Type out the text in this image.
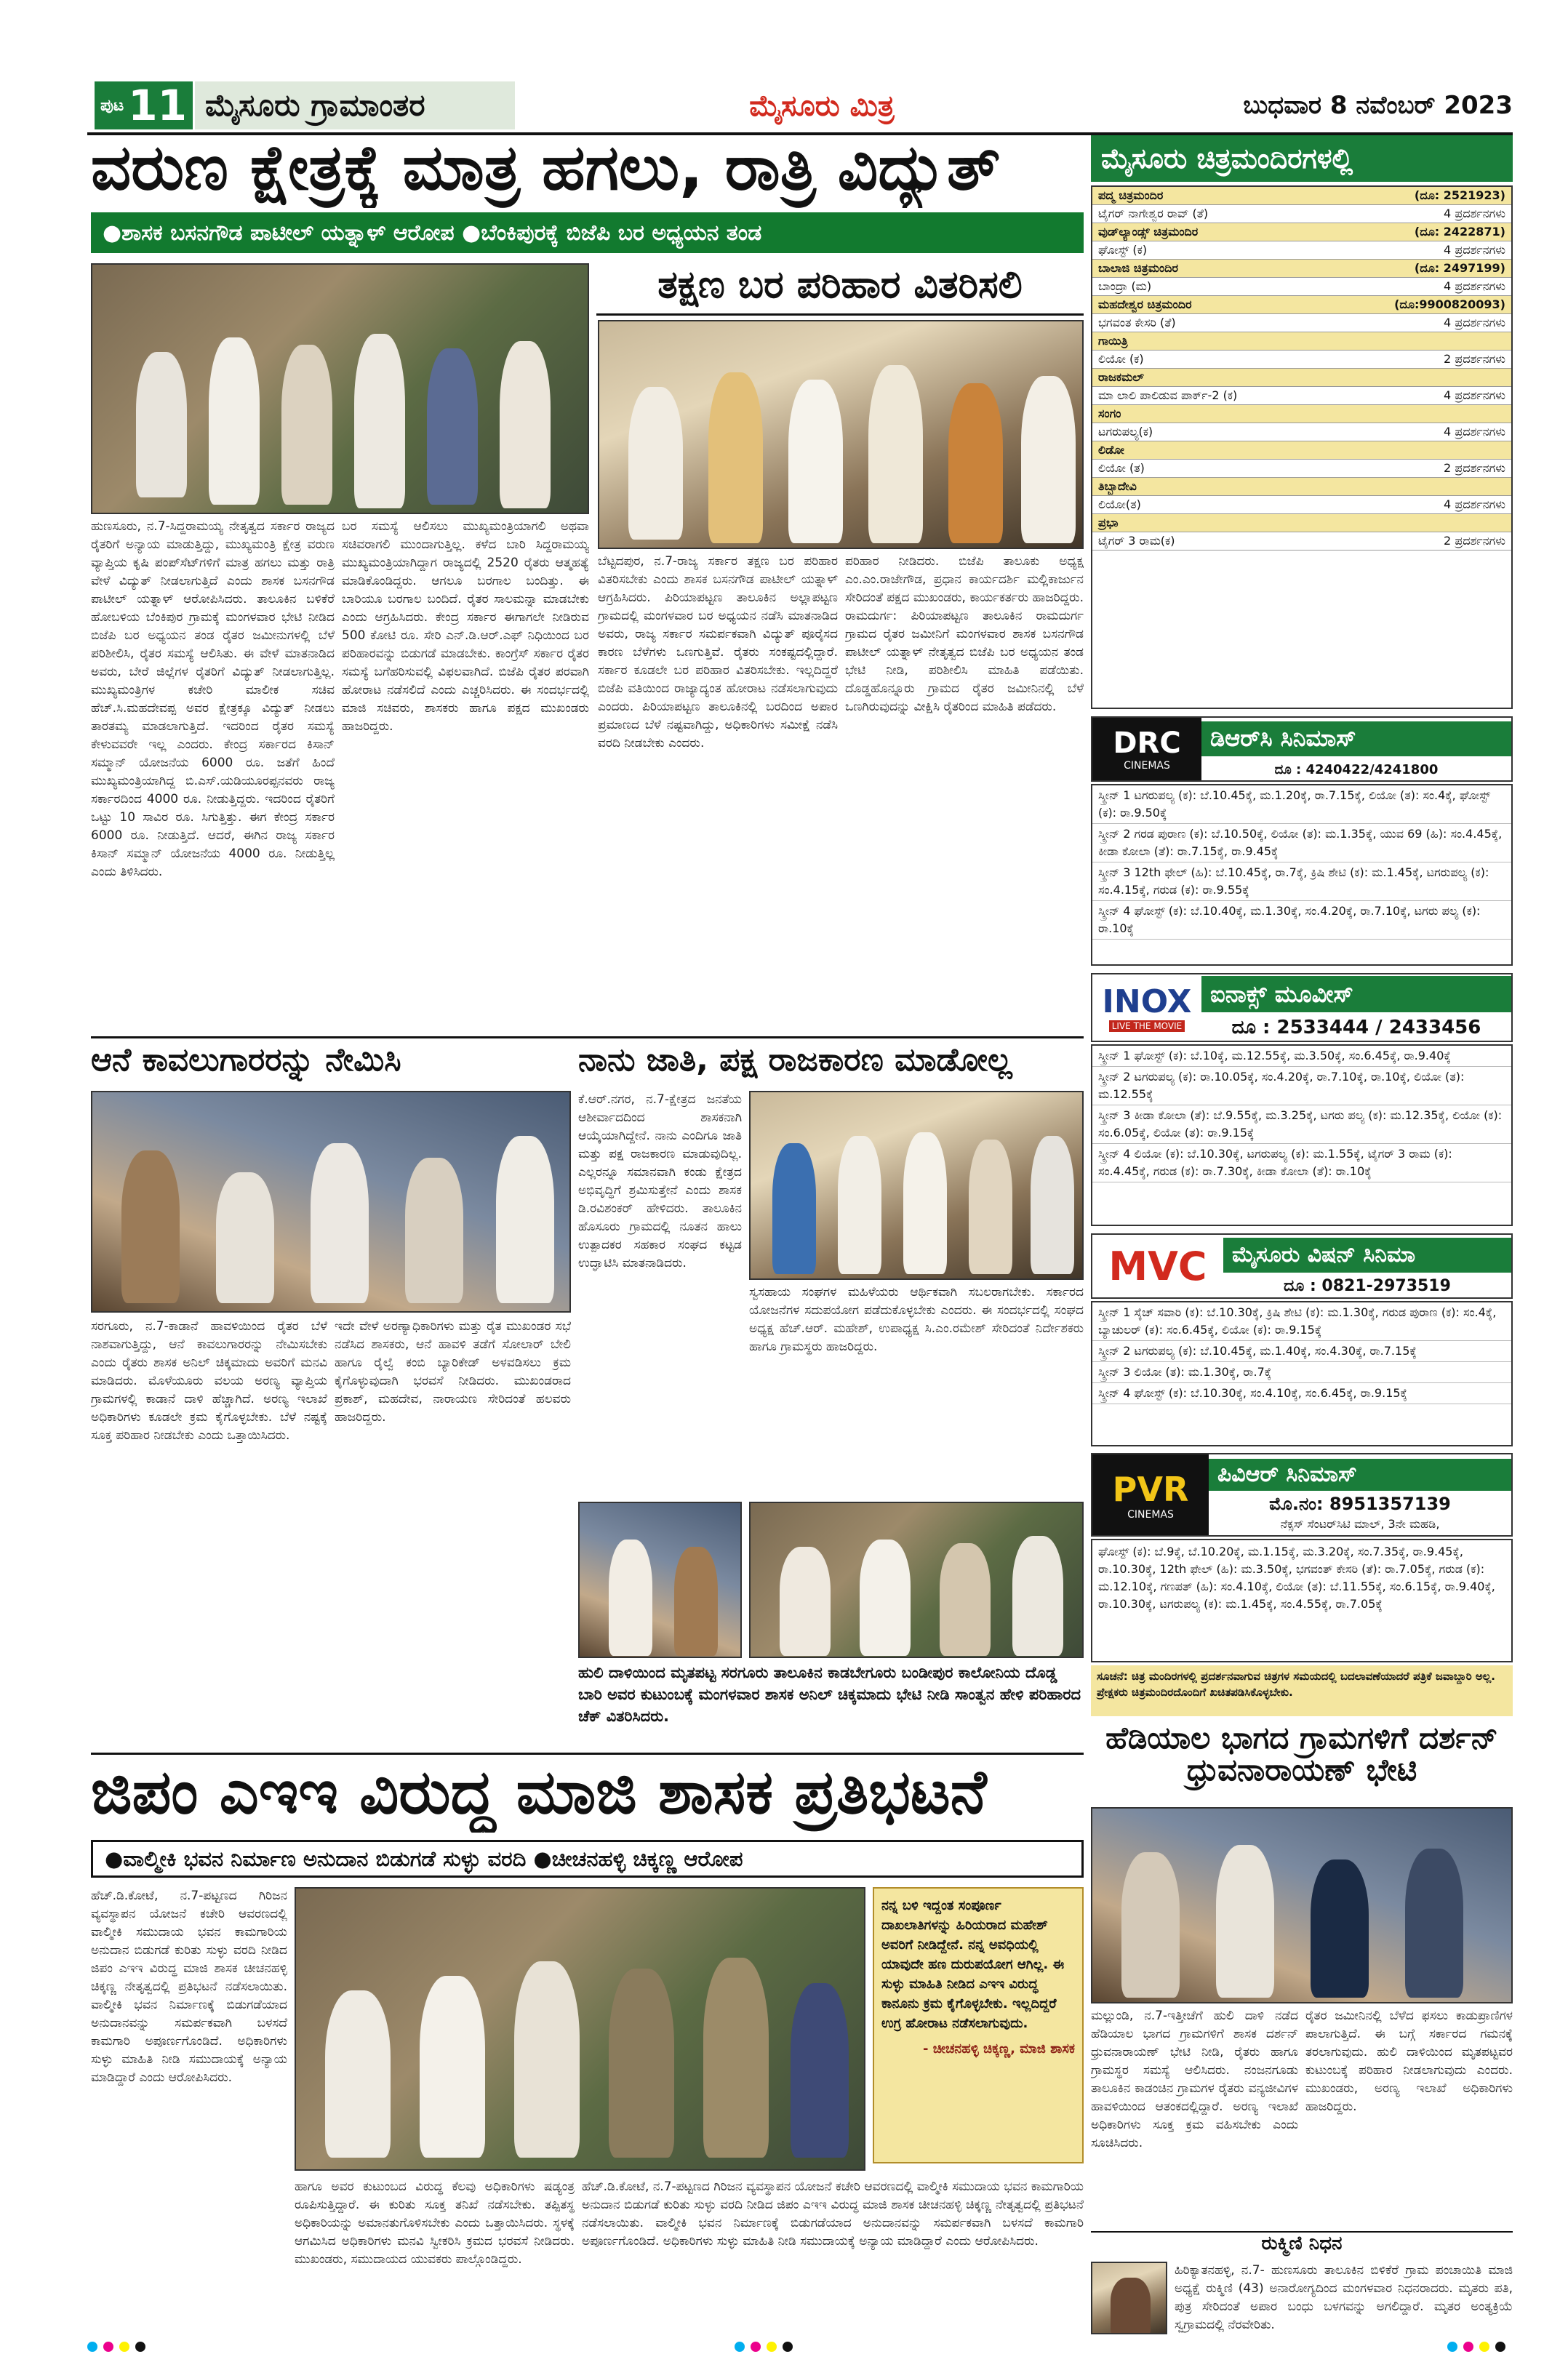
ಪುಟ 11 ಮೈಸೂರು ಗ್ರಾಮಾಂತರ	ಮೈಸೂರು ಮಿತ್ರ	ಬುಧವಾರ 8 ನವೆಂಬರ್ 2023
ವರುಣ ಕ್ಷೇತ್ರಕ್ಕೆ ಮಾತ್ರ ಹಗಲು, ರಾತ್ರಿ ವಿದ್ಯುತ್
●ಶಾಸಕ ಬಸನಗೌಡ ಪಾಟೀಲ್ ಯತ್ನಾಳ್ ಆರೋಪ ●ಬೆಂಕಿಪುರಕ್ಕೆ ಬಿಜೆಪಿ ಬರ ಅಧ್ಯಯನ ತಂಡ
ಹುಣಸೂರು, ನ.7-ಸಿದ್ದರಾಮಯ್ಯ ನೇತೃತ್ವದ ಸರ್ಕಾರ ರಾಜ್ಯದ ರೈತರಿಗೆ ಅನ್ಯಾಯ ಮಾಡುತ್ತಿದ್ದು, ಮುಖ್ಯಮಂತ್ರಿ ಕ್ಷೇತ್ರ ವರುಣ ವ್ಯಾಪ್ತಿಯ ಕೃಷಿ ಪಂಪ್‌ಸೆಟ್‌ಗಳಿಗೆ ಮಾತ್ರ ಹಗಲು ಮತ್ತು ರಾತ್ರಿ ವೇಳೆ ವಿದ್ಯುತ್ ನೀಡಲಾಗುತ್ತಿದೆ ಎಂದು ಶಾಸಕ ಬಸನಗೌಡ ಪಾಟೀಲ್ ಯತ್ನಾಳ್ ಆರೋಪಿಸಿದರು. ತಾಲೂಕಿನ ಬಳಿಕೆರೆ ಹೋಬಳಿಯ ಬೆಂಕಿಪುರ ಗ್ರಾಮಕ್ಕೆ ಮಂಗಳವಾರ ಭೇಟಿ ನೀಡಿದ ಬಿಜೆಪಿ ಬರ ಅಧ್ಯಯನ ತಂಡ ರೈತರ ಜಮೀನುಗಳಲ್ಲಿ ಬೆಳೆ ಪರಿಶೀಲಿಸಿ, ರೈತರ ಸಮಸ್ಯೆ ಆಲಿಸಿತು. ಈ ವೇಳೆ ಮಾತನಾಡಿದ ಅವರು, ಬೇರೆ ಜಿಲ್ಲೆಗಳ ರೈತರಿಗೆ ವಿದ್ಯುತ್ ನೀಡಲಾಗುತ್ತಿಲ್ಲ. ಮುಖ್ಯಮಂತ್ರಿಗಳ ಕಚೇರಿ ಮಾಲೀಕ ಸಚಿವ ಹೆಚ್.ಸಿ.ಮಹದೇವಪ್ಪ ಅವರ ಕ್ಷೇತ್ರಕ್ಕೂ ವಿದ್ಯುತ್ ನೀಡಲು ತಾರತಮ್ಯ ಮಾಡಲಾಗುತ್ತಿದೆ. ಇದರಿಂದ ರೈತರ ಸಮಸ್ಯೆ ಕೇಳುವವರೇ ಇಲ್ಲ ಎಂದರು. ಕೇಂದ್ರ ಸರ್ಕಾರದ ಕಿಸಾನ್ ಸಮ್ಮಾನ್ ಯೋಜನೆಯ 6000 ರೂ. ಜತೆಗೆ ಹಿಂದೆ ಮುಖ್ಯಮಂತ್ರಿಯಾಗಿದ್ದ ಬಿ.ಎಸ್.ಯಡಿಯೂರಪ್ಪನವರು ರಾಜ್ಯ ಸರ್ಕಾರದಿಂದ 4000 ರೂ. ನೀಡುತ್ತಿದ್ದರು. ಇದರಿಂದ ರೈತರಿಗೆ ಒಟ್ಟು 10 ಸಾವಿರ ರೂ. ಸಿಗುತ್ತಿತ್ತು. ಈಗ ಕೇಂದ್ರ ಸರ್ಕಾರ 6000 ರೂ. ನೀಡುತ್ತಿದೆ. ಆದರೆ, ಈಗಿನ ರಾಜ್ಯ ಸರ್ಕಾರ ಕಿಸಾನ್ ಸಮ್ಮಾನ್ ಯೋಜನೆಯ 4000 ರೂ. ನೀಡುತ್ತಿಲ್ಲ ಎಂದು ತಿಳಿಸಿದರು.
ಬರ ಸಮಸ್ಯೆ ಆಲಿಸಲು ಮುಖ್ಯಮಂತ್ರಿಯಾಗಲಿ ಅಥವಾ ಸಚಿವರಾಗಲಿ ಮುಂದಾಗುತ್ತಿಲ್ಲ. ಕಳೆದ ಬಾರಿ ಸಿದ್ದರಾಮಯ್ಯ ಮುಖ್ಯಮಂತ್ರಿಯಾಗಿದ್ದಾಗ ರಾಜ್ಯದಲ್ಲಿ 2520 ರೈತರು ಆತ್ಮಹತ್ಯೆ ಮಾಡಿಕೊಂಡಿದ್ದರು. ಆಗಲೂ ಬರಗಾಲ ಬಂದಿತ್ತು. ಈ ಬಾರಿಯೂ ಬರಗಾಲ ಬಂದಿದೆ. ರೈತರ ಸಾಲಮನ್ನಾ ಮಾಡಬೇಕು ಎಂದು ಆಗ್ರಹಿಸಿದರು. ಕೇಂದ್ರ ಸರ್ಕಾರ ಈಗಾಗಲೇ ನೀಡಿರುವ 500 ಕೋಟಿ ರೂ. ಸೇರಿ ಎನ್.ಡಿ.ಆರ್.ಎಫ್ ನಿಧಿಯಿಂದ ಬರ ಪರಿಹಾರವನ್ನು ಬಿಡುಗಡೆ ಮಾಡಬೇಕು. ಕಾಂಗ್ರೆಸ್ ಸರ್ಕಾರ ರೈತರ ಸಮಸ್ಯೆ ಬಗೆಹರಿಸುವಲ್ಲಿ ವಿಫಲವಾಗಿದೆ. ಬಿಜೆಪಿ ರೈತರ ಪರವಾಗಿ ಹೋರಾಟ ನಡೆಸಲಿದೆ ಎಂದು ಎಚ್ಚರಿಸಿದರು. ಈ ಸಂದರ್ಭದಲ್ಲಿ ಮಾಜಿ ಸಚಿವರು, ಶಾಸಕರು ಹಾಗೂ ಪಕ್ಷದ ಮುಖಂಡರು ಹಾಜರಿದ್ದರು.
ತಕ್ಷಣ ಬರ ಪರಿಹಾರ ವಿತರಿಸಲಿ
ಬೆಟ್ಟದಪುರ, ನ.7-ರಾಜ್ಯ ಸರ್ಕಾರ ತಕ್ಷಣ ಬರ ಪರಿಹಾರ ವಿತರಿಸಬೇಕು ಎಂದು ಶಾಸಕ ಬಸನಗೌಡ ಪಾಟೀಲ್ ಯತ್ನಾಳ್ ಆಗ್ರಹಿಸಿದರು. ಪಿರಿಯಾಪಟ್ಟಣ ತಾಲೂಕಿನ ಅಲ್ಲಾಪಟ್ಟಣ ಗ್ರಾಮದಲ್ಲಿ ಮಂಗಳವಾರ ಬರ ಅಧ್ಯಯನ ನಡೆಸಿ ಮಾತನಾಡಿದ ಅವರು, ರಾಜ್ಯ ಸರ್ಕಾರ ಸಮರ್ಪಕವಾಗಿ ವಿದ್ಯುತ್ ಪೂರೈಸದ ಕಾರಣ ಬೆಳೆಗಳು ಒಣಗುತ್ತಿವೆ. ರೈತರು ಸಂಕಷ್ಟದಲ್ಲಿದ್ದಾರೆ. ಸರ್ಕಾರ ಕೂಡಲೇ ಬರ ಪರಿಹಾರ ವಿತರಿಸಬೇಕು. ಇಲ್ಲದಿದ್ದರೆ ಬಿಜೆಪಿ ವತಿಯಿಂದ ರಾಜ್ಯಾದ್ಯಂತ ಹೋರಾಟ ನಡೆಸಲಾಗುವುದು ಎಂದರು. ಪಿರಿಯಾಪಟ್ಟಣ ತಾಲೂಕಿನಲ್ಲಿ ಬರದಿಂದ ಅಪಾರ ಪ್ರಮಾಣದ ಬೆಳೆ ನಷ್ಟವಾಗಿದ್ದು, ಅಧಿಕಾರಿಗಳು ಸಮೀಕ್ಷೆ ನಡೆಸಿ ವರದಿ ನೀಡಬೇಕು ಎಂದರು.
ಪರಿಹಾರ ನೀಡಿದರು. ಬಿಜೆಪಿ ತಾಲೂಕು ಅಧ್ಯಕ್ಷ ಎಂ.ಎಂ.ರಾಜೇಗೌಡ, ಪ್ರಧಾನ ಕಾರ್ಯದರ್ಶಿ ಮಲ್ಲಿಕಾರ್ಜುನ ಸೇರಿದಂತೆ ಪಕ್ಷದ ಮುಖಂಡರು, ಕಾರ್ಯಕರ್ತರು ಹಾಜರಿದ್ದರು. ರಾಮದುರ್ಗ: ಪಿರಿಯಾಪಟ್ಟಣ ತಾಲೂಕಿನ ರಾಮದುರ್ಗ ಗ್ರಾಮದ ರೈತರ ಜಮೀನಿಗೆ ಮಂಗಳವಾರ ಶಾಸಕ ಬಸನಗೌಡ ಪಾಟೀಲ್ ಯತ್ನಾಳ್ ನೇತೃತ್ವದ ಬಿಜೆಪಿ ಬರ ಅಧ್ಯಯನ ತಂಡ ಭೇಟಿ ನೀಡಿ, ಪರಿಶೀಲಿಸಿ ಮಾಹಿತಿ ಪಡೆಯಿತು. ದೊಡ್ಡಹೊನ್ನೂರು ಗ್ರಾಮದ ರೈತರ ಜಮೀನಿನಲ್ಲಿ ಬೆಳೆ ಒಣಗಿರುವುದನ್ನು ವೀಕ್ಷಿಸಿ ರೈತರಿಂದ ಮಾಹಿತಿ ಪಡೆದರು.
ಆನೆ ಕಾವಲುಗಾರರನ್ನು ನೇಮಿಸಿ
ಸರಗೂರು, ನ.7-ಕಾಡಾನೆ ಹಾವಳಿಯಿಂದ ರೈತರ ಬೆಳೆ ನಾಶವಾಗುತ್ತಿದ್ದು, ಆನೆ ಕಾವಲುಗಾರರನ್ನು ನೇಮಿಸಬೇಕು ಎಂದು ರೈತರು ಶಾಸಕ ಅನಿಲ್ ಚಿಕ್ಕಮಾದು ಅವರಿಗೆ ಮನವಿ ಮಾಡಿದರು. ಮೊಳೆಯೂರು ವಲಯ ಅರಣ್ಯ ವ್ಯಾಪ್ತಿಯ ಗ್ರಾಮಗಳಲ್ಲಿ ಕಾಡಾನೆ ದಾಳಿ ಹೆಚ್ಚಾಗಿದೆ. ಅರಣ್ಯ ಇಲಾಖೆ ಅಧಿಕಾರಿಗಳು ಕೂಡಲೇ ಕ್ರಮ ಕೈಗೊಳ್ಳಬೇಕು. ಬೆಳೆ ನಷ್ಟಕ್ಕೆ ಸೂಕ್ತ ಪರಿಹಾರ ನೀಡಬೇಕು ಎಂದು ಒತ್ತಾಯಿಸಿದರು.
ಇದೇ ವೇಳೆ ಅರಣ್ಯಾಧಿಕಾರಿಗಳು ಮತ್ತು ರೈತ ಮುಖಂಡರ ಸಭೆ ನಡೆಸಿದ ಶಾಸಕರು, ಆನೆ ಹಾವಳಿ ತಡೆಗೆ ಸೋಲಾರ್ ಬೇಲಿ ಹಾಗೂ ರೈಲ್ವೆ ಕಂಬಿ ಬ್ಯಾರಿಕೇಡ್ ಅಳವಡಿಸಲು ಕ್ರಮ ಕೈಗೊಳ್ಳುವುದಾಗಿ ಭರವಸೆ ನೀಡಿದರು. ಮುಖಂಡರಾದ ಪ್ರಕಾಶ್, ಮಹದೇವ, ನಾರಾಯಣ ಸೇರಿದಂತೆ ಹಲವರು ಹಾಜರಿದ್ದರು.
ನಾನು ಜಾತಿ, ಪಕ್ಷ ರಾಜಕಾರಣ ಮಾಡೋಲ್ಲ
ಕೆ.ಆರ್.ನಗರ, ನ.7-ಕ್ಷೇತ್ರದ ಜನತೆಯ ಆಶೀರ್ವಾದದಿಂದ ಶಾಸಕನಾಗಿ ಆಯ್ಕೆಯಾಗಿದ್ದೇನೆ. ನಾನು ಎಂದಿಗೂ ಜಾತಿ ಮತ್ತು ಪಕ್ಷ ರಾಜಕಾರಣ ಮಾಡುವುದಿಲ್ಲ. ಎಲ್ಲರನ್ನೂ ಸಮಾನವಾಗಿ ಕಂಡು ಕ್ಷೇತ್ರದ ಅಭಿವೃದ್ಧಿಗೆ ಶ್ರಮಿಸುತ್ತೇನೆ ಎಂದು ಶಾಸಕ ಡಿ.ರವಿಶಂಕರ್ ಹೇಳಿದರು. ತಾಲೂಕಿನ ಹೊಸೂರು ಗ್ರಾಮದಲ್ಲಿ ನೂತನ ಹಾಲು ಉತ್ಪಾದಕರ ಸಹಕಾರ ಸಂಘದ ಕಟ್ಟಡ ಉದ್ಘಾಟಿಸಿ ಮಾತನಾಡಿದರು.
ಸ್ವಸಹಾಯ ಸಂಘಗಳ ಮಹಿಳೆಯರು ಆರ್ಥಿಕವಾಗಿ ಸಬಲರಾಗಬೇಕು. ಸರ್ಕಾರದ ಯೋಜನೆಗಳ ಸದುಪಯೋಗ ಪಡೆದುಕೊಳ್ಳಬೇಕು ಎಂದರು. ಈ ಸಂದರ್ಭದಲ್ಲಿ ಸಂಘದ ಅಧ್ಯಕ್ಷ ಹೆಚ್.ಆರ್. ಮಹೇಶ್, ಉಪಾಧ್ಯಕ್ಷ ಸಿ.ಎಂ.ರಮೇಶ್ ಸೇರಿದಂತೆ ನಿರ್ದೇಶಕರು ಹಾಗೂ ಗ್ರಾಮಸ್ಥರು ಹಾಜರಿದ್ದರು.
ಹುಲಿ ದಾಳಿಯಿಂದ ಮೃತಪಟ್ಟ ಸರಗೂರು ತಾಲೂಕಿನ ಕಾಡಬೇಗೂರು ಬಂಡೀಪುರ ಕಾಲೋನಿಯ ದೊಡ್ಡ ಬಾರಿ ಅವರ ಕುಟುಂಬಕ್ಕೆ ಮಂಗಳವಾರ ಶಾಸಕ ಅನಿಲ್ ಚಿಕ್ಕಮಾದು ಭೇಟಿ ನೀಡಿ ಸಾಂತ್ವನ ಹೇಳಿ ಪರಿಹಾರದ ಚೆಕ್ ವಿತರಿಸಿದರು.
ಜಿಪಂ ಎಇಇ ವಿರುದ್ಧ ಮಾಜಿ ಶಾಸಕ ಪ್ರತಿಭಟನೆ
●ವಾಲ್ಮೀಕಿ ಭವನ ನಿರ್ಮಾಣ ಅನುದಾನ ಬಿಡುಗಡೆ ಸುಳ್ಳು ವರದಿ ●ಚೀಚನಹಳ್ಳಿ ಚಿಕ್ಕಣ್ಣ ಆರೋಪ
ಹೆಚ್.ಡಿ.ಕೋಟೆ, ನ.7-ಪಟ್ಟಣದ ಗಿರಿಜನ ವ್ಯವಸ್ಥಾಪನ ಯೋಜನೆ ಕಚೇರಿ ಆವರಣದಲ್ಲಿ ವಾಲ್ಮೀಕಿ ಸಮುದಾಯ ಭವನ ಕಾಮಗಾರಿಯ ಅನುದಾನ ಬಿಡುಗಡೆ ಕುರಿತು ಸುಳ್ಳು ವರದಿ ನೀಡಿದ ಜಿಪಂ ಎಇಇ ವಿರುದ್ಧ ಮಾಜಿ ಶಾಸಕ ಚೀಚನಹಳ್ಳಿ ಚಿಕ್ಕಣ್ಣ ನೇತೃತ್ವದಲ್ಲಿ ಪ್ರತಿಭಟನೆ ನಡೆಸಲಾಯಿತು. ವಾಲ್ಮೀಕಿ ಭವನ ನಿರ್ಮಾಣಕ್ಕೆ ಬಿಡುಗಡೆಯಾದ ಅನುದಾನವನ್ನು ಸಮರ್ಪಕವಾಗಿ ಬಳಸದೆ ಕಾಮಗಾರಿ ಅಪೂರ್ಣಗೊಂಡಿದೆ. ಅಧಿಕಾರಿಗಳು ಸುಳ್ಳು ಮಾಹಿತಿ ನೀಡಿ ಸಮುದಾಯಕ್ಕೆ ಅನ್ಯಾಯ ಮಾಡಿದ್ದಾರೆ ಎಂದು ಆರೋಪಿಸಿದರು.
ನನ್ನ ಬಳಿ ಇದ್ದಂತ ಸಂಪೂರ್ಣ ದಾಖಲಾತಿಗಳನ್ನು ಹಿರಿಯರಾದ ಮಹೇಶ್ ಅವರಿಗೆ ನೀಡಿದ್ದೇನೆ. ನನ್ನ ಅವಧಿಯಲ್ಲಿ ಯಾವುದೇ ಹಣ ದುರುಪಯೋಗ ಆಗಿಲ್ಲ. ಈ ಸುಳ್ಳು ಮಾಹಿತಿ ನೀಡಿದ ಎಇಇ ವಿರುದ್ಧ ಕಾನೂನು ಕ್ರಮ ಕೈಗೊಳ್ಳಬೇಕು. ಇಲ್ಲದಿದ್ದರೆ ಉಗ್ರ ಹೋರಾಟ ನಡೆಸಲಾಗುವುದು.
- ಚೀಚನಹಳ್ಳಿ ಚಿಕ್ಕಣ್ಣ, ಮಾಜಿ ಶಾಸಕ
ಹಾಗೂ ಅವರ ಕುಟುಂಬದ ವಿರುದ್ಧ ಕೆಲವು ಅಧಿಕಾರಿಗಳು ಷಡ್ಯಂತ್ರ ರೂಪಿಸುತ್ತಿದ್ದಾರೆ. ಈ ಕುರಿತು ಸೂಕ್ತ ತನಿಖೆ ನಡೆಸಬೇಕು. ತಪ್ಪಿತಸ್ಥ ಅಧಿಕಾರಿಯನ್ನು ಅಮಾನತುಗೊಳಿಸಬೇಕು ಎಂದು ಒತ್ತಾಯಿಸಿದರು. ಸ್ಥಳಕ್ಕೆ ಆಗಮಿಸಿದ ಅಧಿಕಾರಿಗಳು ಮನವಿ ಸ್ವೀಕರಿಸಿ ಕ್ರಮದ ಭರವಸೆ ನೀಡಿದರು. ಮುಖಂಡರು, ಸಮುದಾಯದ ಯುವಕರು ಪಾಲ್ಗೊಂಡಿದ್ದರು.
ಹೆಚ್.ಡಿ.ಕೋಟೆ, ನ.7-ಪಟ್ಟಣದ ಗಿರಿಜನ ವ್ಯವಸ್ಥಾಪನ ಯೋಜನೆ ಕಚೇರಿ ಆವರಣದಲ್ಲಿ ವಾಲ್ಮೀಕಿ ಸಮುದಾಯ ಭವನ ಕಾಮಗಾರಿಯ ಅನುದಾನ ಬಿಡುಗಡೆ ಕುರಿತು ಸುಳ್ಳು ವರದಿ ನೀಡಿದ ಜಿಪಂ ಎಇಇ ವಿರುದ್ಧ ಮಾಜಿ ಶಾಸಕ ಚೀಚನಹಳ್ಳಿ ಚಿಕ್ಕಣ್ಣ ನೇತೃತ್ವದಲ್ಲಿ ಪ್ರತಿಭಟನೆ ನಡೆಸಲಾಯಿತು. ವಾಲ್ಮೀಕಿ ಭವನ ನಿರ್ಮಾಣಕ್ಕೆ ಬಿಡುಗಡೆಯಾದ ಅನುದಾನವನ್ನು ಸಮರ್ಪಕವಾಗಿ ಬಳಸದೆ ಕಾಮಗಾರಿ ಅಪೂರ್ಣಗೊಂಡಿದೆ. ಅಧಿಕಾರಿಗಳು ಸುಳ್ಳು ಮಾಹಿತಿ ನೀಡಿ ಸಮುದಾಯಕ್ಕೆ ಅನ್ಯಾಯ ಮಾಡಿದ್ದಾರೆ ಎಂದು ಆರೋಪಿಸಿದರು.
ಮೈಸೂರು ಚಿತ್ರಮಂದಿರಗಳಲ್ಲಿ
ಪದ್ಮ ಚಿತ್ರಮಂದಿರ	(ದೂ: 2521923)
ಟೈಗರ್ ನಾಗೇಶ್ವರ ರಾವ್ (ತೆ)	4 ಪ್ರದರ್ಶನಗಳು
ವುಡ್‌ಲ್ಯಾಂಡ್ಸ್ ಚಿತ್ರಮಂದಿರ	(ದೂ: 2422871)
ಘೋಸ್ಟ್ (ಕ)	4 ಪ್ರದರ್ಶನಗಳು
ಬಾಲಾಜಿ ಚಿತ್ರಮಂದಿರ	(ದೂ: 2497199)
ಬಾಂದ್ರಾ (ಮ)	4 ಪ್ರದರ್ಶನಗಳು
ಮಹದೇಶ್ವರ ಚಿತ್ರಮಂದಿರ	(ದೂ:9900820093)
ಭಗವಂತ ಕೇಸರಿ (ತೆ)	4 ಪ್ರದರ್ಶನಗಳು
ಗಾಯಿತ್ರಿ
ಲಿಯೋ (ಕ)	2 ಪ್ರದರ್ಶನಗಳು
ರಾಜಕಮಲ್
ಮಾ ಲಾಲಿ ಪಾಲಿಡುವ ಪಾರ್ಕ್-2 (ಕ)	4 ಪ್ರದರ್ಶನಗಳು
ಸಂಗಂ
ಟಗರುಪಲ್ಯ(ಕ)	4 ಪ್ರದರ್ಶನಗಳು
ಲಿಡೋ
ಲಿಯೋ (ತ)	2 ಪ್ರದರ್ಶನಗಳು
ತಿಬ್ಬಾದೇವಿ
ಲಿಯೋ(ತ)	4 ಪ್ರದರ್ಶನಗಳು
ಪ್ರಭಾ
ಟೈಗರ್ 3 ರಾಮ(ಕ)	2 ಪ್ರದರ್ಶನಗಳು
DRC
CINEMAS
ಡಿಆರ್‌ಸಿ ಸಿನಿಮಾಸ್
ದೂ : 4240422/4241800
ಸ್ಕ್ರೀನ್ 1 ಟಗರುಪಲ್ಯ (ಕ): ಬೆ.10.45ಕ್ಕೆ, ಮ.1.20ಕ್ಕೆ, ರಾ.7.15ಕ್ಕೆ, ಲಿಯೋ (ತ): ಸಂ.4ಕ್ಕೆ, ಘೋಸ್ಟ್ (ಕ): ರಾ.9.50ಕ್ಕೆ
ಸ್ಕ್ರೀನ್ 2 ಗರಡ ಪುರಾಣ (ಕ): ಬೆ.10.50ಕ್ಕೆ, ಲಿಯೋ (ತ): ಮ.1.35ಕ್ಕೆ, ಯುವ 69 (ಹಿ): ಸಂ.4.45ಕ್ಕೆ, ಕೀಡಾ ಕೋಲಾ (ತೆ): ರಾ.7.15ಕ್ಕೆ, ರಾ.9.45ಕ್ಕೆ
ಸ್ಕ್ರೀನ್ 3 12th ಫೇಲ್ (ಹಿ): ಬೆ.10.45ಕ್ಕೆ, ರಾ.7ಕ್ಕೆ, ಕ್ರಿಷಿ ಶೇಟಿ (ಕ): ಮ.1.45ಕ್ಕೆ, ಟಗರುಪಲ್ಯ (ಕ): ಸಂ.4.15ಕ್ಕೆ, ಗರುಡ (ಕ): ರಾ.9.55ಕ್ಕೆ
ಸ್ಕ್ರೀನ್ 4 ಘೋಸ್ಟ್ (ಕ): ಬೆ.10.40ಕ್ಕೆ, ಮ.1.30ಕ್ಕೆ, ಸಂ.4.20ಕ್ಕೆ, ರಾ.7.10ಕ್ಕೆ, ಟಗರು ಪಲ್ಯ (ಕ): ರಾ.10ಕ್ಕೆ
INOX
LIVE THE MOVIE
ಐನಾಕ್ಸ್ ಮೂವೀಸ್
ದೂ : 2533444 / 2433456
ಸ್ಕ್ರೀನ್ 1 ಘೋಸ್ಟ್ (ಕ): ಬೆ.10ಕ್ಕೆ, ಮ.12.55ಕ್ಕೆ, ಮ.3.50ಕ್ಕೆ, ಸಂ.6.45ಕ್ಕೆ, ರಾ.9.40ಕ್ಕೆ
ಸ್ಕ್ರೀನ್ 2 ಟಗರುಪಲ್ಯ (ಕ): ರಾ.10.05ಕ್ಕೆ, ಸಂ.4.20ಕ್ಕೆ, ರಾ.7.10ಕ್ಕೆ, ರಾ.10ಕ್ಕೆ, ಲಿಯೋ (ತ): ಮ.12.55ಕ್ಕೆ
ಸ್ಕ್ರೀನ್ 3 ಕೀಡಾ ಕೋಲಾ (ತೆ): ಬೆ.9.55ಕ್ಕೆ, ಮ.3.25ಕ್ಕೆ, ಟಗರು ಪಲ್ಯ (ಕ): ಮ.12.35ಕ್ಕೆ, ಲಿಯೋ (ಕ): ಸಂ.6.05ಕ್ಕೆ, ಲಿಯೋ (ತ): ರಾ.9.15ಕ್ಕೆ
ಸ್ಕ್ರೀನ್ 4 ಲಿಯೋ (ಕ): ಬೆ.10.30ಕ್ಕೆ, ಟಗರುಪಲ್ಯ (ಕ): ಮ.1.55ಕ್ಕೆ, ಟೈಗರ್ 3 ರಾಮ (ಕ): ಸಂ.4.45ಕ್ಕೆ, ಗರುಡ (ಕ): ರಾ.7.30ಕ್ಕೆ, ಕೀಡಾ ಕೋಲಾ (ತೆ): ರಾ.10ಕ್ಕೆ
MVC	ಮೈಸೂರು ವಿಷನ್ ಸಿನಿಮಾ
ದೂ : 0821-2973519
ಸ್ಕ್ರೀನ್ 1 ಸ್ಕೆಚ್ ಸವಾರಿ (ಕ): ಬೆ.10.30ಕ್ಕೆ, ಕ್ರಿಷಿ ಶೇಟಿ (ಕ): ಮ.1.30ಕ್ಕೆ, ಗರುಡ ಪುರಾಣ (ಕ): ಸಂ.4ಕ್ಕೆ, ಬ್ಯಾಚುಲರ್ (ಕ): ಸಂ.6.45ಕ್ಕೆ, ಲಿಯೋ (ಕ): ರಾ.9.15ಕ್ಕೆ
ಸ್ಕ್ರೀನ್ 2 ಟಗರುಪಲ್ಯ (ಕ): ಬೆ.10.45ಕ್ಕೆ, ಮ.1.40ಕ್ಕೆ, ಸಂ.4.30ಕ್ಕೆ, ರಾ.7.15ಕ್ಕೆ
ಸ್ಕ್ರೀನ್ 3 ಲಿಯೋ (ತ): ಮ.1.30ಕ್ಕೆ, ರಾ.7ಕ್ಕೆ
ಸ್ಕ್ರೀನ್ 4 ಘೋಸ್ಟ್ (ಕ): ಬೆ.10.30ಕ್ಕೆ, ಸಂ.4.10ಕ್ಕೆ, ಸಂ.6.45ಕ್ಕೆ, ರಾ.9.15ಕ್ಕೆ
PVR
CINEMAS
ಪಿವಿಆರ್ ಸಿನಿಮಾಸ್
ಮೊ.ನಂ: 8951357139
ನೆಕ್ಸಸ್ ಸೆಂಟರ್‌ಸಿಟಿ ಮಾಲ್, 3ನೇ ಮಹಡಿ,
ಘೋಸ್ಟ್ (ಕ): ಬೆ.9ಕ್ಕೆ, ಬೆ.10.20ಕ್ಕೆ, ಮ.1.15ಕ್ಕೆ, ಮ.3.20ಕ್ಕೆ, ಸಂ.7.35ಕ್ಕೆ, ರಾ.9.45ಕ್ಕೆ, ರಾ.10.30ಕ್ಕೆ, 12th ಫೇಲ್ (ಹಿ): ಮ.3.50ಕ್ಕೆ, ಭಗವಂತ್ ಕೇಸರಿ (ತೆ): ರಾ.7.05ಕ್ಕೆ, ಗರುಡ (ಕ): ಮ.12.10ಕ್ಕೆ, ಗಣಪತ್ (ಹಿ): ಸಂ.4.10ಕ್ಕೆ, ಲಿಯೋ (ತ): ಬೆ.11.55ಕ್ಕೆ, ಸಂ.6.15ಕ್ಕೆ, ರಾ.9.40ಕ್ಕೆ, ರಾ.10.30ಕ್ಕೆ, ಟಗರುಪಲ್ಯ (ಕ): ಮ.1.45ಕ್ಕೆ, ಸಂ.4.55ಕ್ಕೆ, ರಾ.7.05ಕ್ಕೆ
ಸೂಚನೆ: ಚಿತ್ರ ಮಂದಿರಗಳಲ್ಲಿ ಪ್ರದರ್ಶನವಾಗುವ ಚಿತ್ರಗಳ ಸಮಯದಲ್ಲಿ ಬದಲಾವಣೆಯಾದರೆ ಪತ್ರಿಕೆ ಜವಾಬ್ದಾರಿ ಅಲ್ಲ. ಪ್ರೇಕ್ಷಕರು ಚಿತ್ರಮಂದಿರದೊಂದಿಗೆ ಖಚಿತಪಡಿಸಿಕೊಳ್ಳಬೇಕು.
ಹೆಡಿಯಾಲ ಭಾಗದ ಗ್ರಾಮಗಳಿಗೆ ದರ್ಶನ್ ಧ್ರುವನಾರಾಯಣ್ ಭೇಟಿ
ಮಲ್ಲುಂಡಿ, ನ.7-ಇತ್ತೀಚೆಗೆ ಹುಲಿ ದಾಳಿ ನಡೆದ ಹೆಡಿಯಾಲ ಭಾಗದ ಗ್ರಾಮಗಳಿಗೆ ಶಾಸಕ ದರ್ಶನ್ ಧ್ರುವನಾರಾಯಣ್ ಭೇಟಿ ನೀಡಿ, ರೈತರು ಹಾಗೂ ಗ್ರಾಮಸ್ಥರ ಸಮಸ್ಯೆ ಆಲಿಸಿದರು. ನಂಜನಗೂಡು ತಾಲೂಕಿನ ಕಾಡಂಚಿನ ಗ್ರಾಮಗಳ ರೈತರು ವನ್ಯಜೀವಿಗಳ ಹಾವಳಿಯಿಂದ ಆತಂಕದಲ್ಲಿದ್ದಾರೆ. ಅರಣ್ಯ ಇಲಾಖೆ ಅಧಿಕಾರಿಗಳು ಸೂಕ್ತ ಕ್ರಮ ವಹಿಸಬೇಕು ಎಂದು ಸೂಚಿಸಿದರು.
ರೈತರ ಜಮೀನಿನಲ್ಲಿ ಬೆಳೆದ ಫಸಲು ಕಾಡುಪ್ರಾಣಿಗಳ ಪಾಲಾಗುತ್ತಿದೆ. ಈ ಬಗ್ಗೆ ಸರ್ಕಾರದ ಗಮನಕ್ಕೆ ತರಲಾಗುವುದು. ಹುಲಿ ದಾಳಿಯಿಂದ ಮೃತಪಟ್ಟವರ ಕುಟುಂಬಕ್ಕೆ ಪರಿಹಾರ ನೀಡಲಾಗುವುದು ಎಂದರು. ಮುಖಂಡರು, ಅರಣ್ಯ ಇಲಾಖೆ ಅಧಿಕಾರಿಗಳು ಹಾಜರಿದ್ದರು.
ರುಕ್ಮಿಣಿ ನಿಧನ
ಹಿರಿಕ್ಯಾತನಹಳ್ಳಿ, ನ.7- ಹುಣಸೂರು ತಾಲೂಕಿನ ಬಿಳಿಕೆರೆ ಗ್ರಾಮ ಪಂಚಾಯಿತಿ ಮಾಜಿ ಅಧ್ಯಕ್ಷೆ ರುಕ್ಮಿಣಿ (43) ಅನಾರೋಗ್ಯದಿಂದ ಮಂಗಳವಾರ ನಿಧನರಾದರು. ಮೃತರು ಪತಿ, ಪುತ್ರ ಸೇರಿದಂತೆ ಅಪಾರ ಬಂಧು ಬಳಗವನ್ನು ಅಗಲಿದ್ದಾರೆ. ಮೃತರ ಅಂತ್ಯಕ್ರಿಯೆ ಸ್ವಗ್ರಾಮದಲ್ಲಿ ನೆರವೇರಿತು.
